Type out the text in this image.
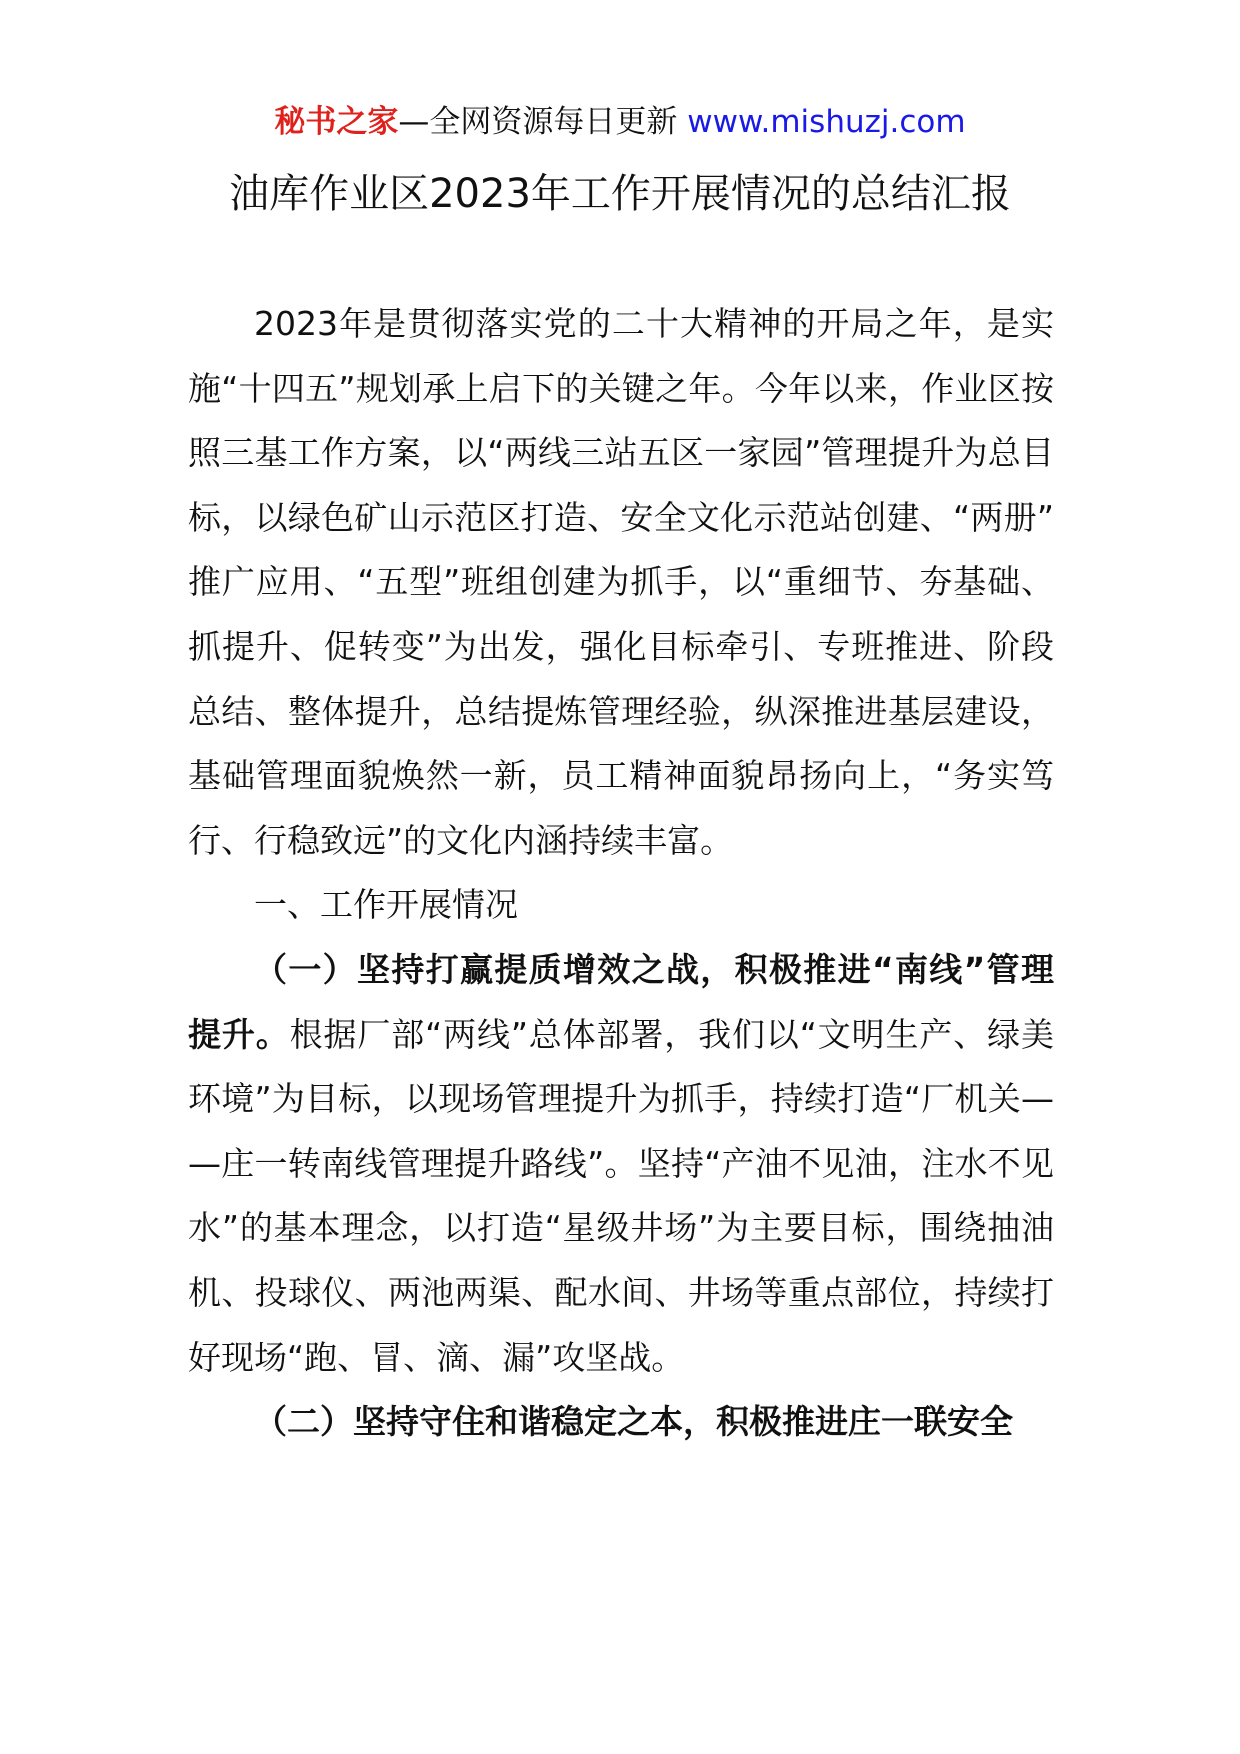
秘书之家—全网资源每日更新 www.mishuzj.com
油库作业区2023年工作开展情况的总结汇报

2023年是贯彻落实党的二十大精神的开局之年，是实施“十四五”规划承上启下的关键之年。今年以来，作业区按照三基工作方案，以“两线三站五区一家园”管理提升为总目标，以绿色矿山示范区打造、安全文化示范站创建、“两册”推广应用、“五型”班组创建为抓手，以“重细节、夯基础、抓提升、促转变”为出发，强化目标牵引、专班推进、阶段总结、整体提升，总结提炼管理经验，纵深推进基层建设，基础管理面貌焕然一新，员工精神面貌昂扬向上，“务实笃行、行稳致远”的文化内涵持续丰富。

一、工作开展情况

（一）坚持打赢提质增效之战，积极推进“南线”管理提升。根据厂部“两线”总体部署，我们以“文明生产、绿美环境”为目标，以现场管理提升为抓手，持续打造“厂机关——庄一转南线管理提升路线”。坚持“产油不见油，注水不见水”的基本理念，以打造“星级井场”为主要目标，围绕抽油机、投球仪、两池两渠、配水间、井场等重点部位，持续打好现场“跑、冒、滴、漏”攻坚战。

（二）坚持守住和谐稳定之本，积极推进庄一联安全
